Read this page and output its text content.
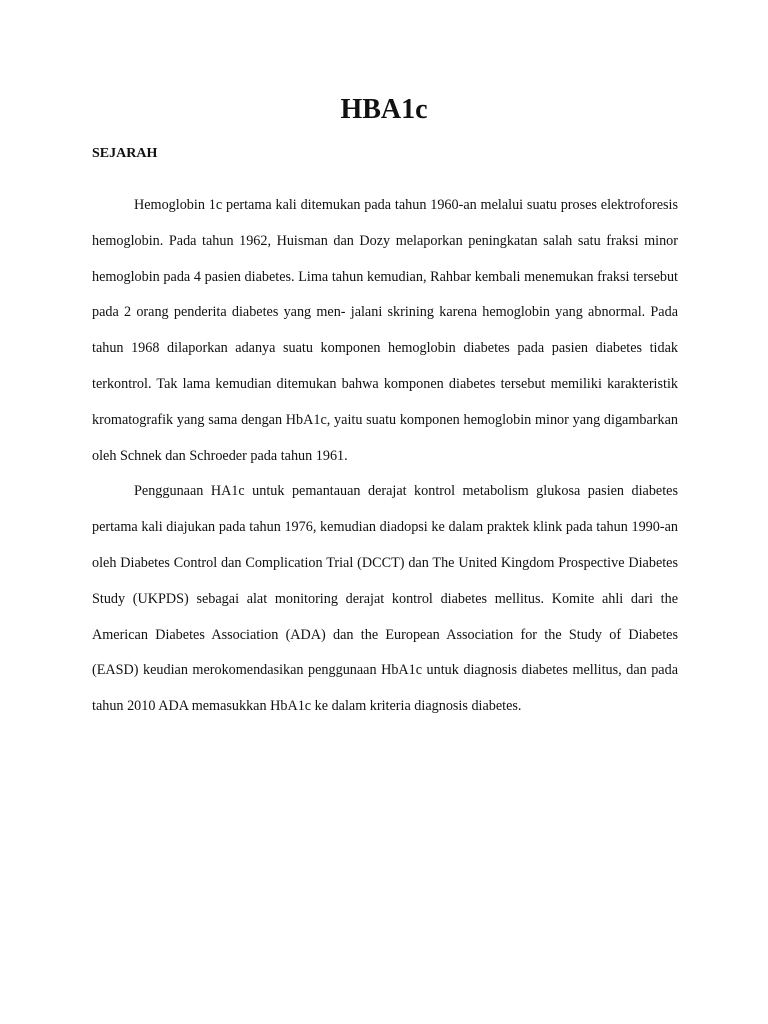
HBA1c
SEJARAH

Hemoglobin 1c pertama kali ditemukan pada tahun 1960-an melalui suatu proses elektroforesis hemoglobin. Pada tahun 1962, Huisman dan Dozy melaporkan peningkatan salah satu fraksi minor hemoglobin pada 4 pasien diabetes. Lima tahun kemudian, Rahbar kembali menemukan fraksi tersebut pada 2 orang penderita diabetes yang men- jalani skrining karena hemoglobin yang abnormal. Pada tahun 1968 dilaporkan adanya suatu komponen hemoglobin diabetes pada pasien diabetes tidak terkontrol. Tak lama kemudian ditemukan bahwa komponen diabetes tersebut memiliki karakteristik kromatografik yang sama dengan HbA1c, yaitu suatu komponen hemoglobin minor yang digambarkan oleh Schnek dan Schroeder pada tahun 1961.

Penggunaan HA1c untuk pemantauan derajat kontrol metabolism glukosa pasien diabetes pertama kali diajukan pada tahun 1976, kemudian diadopsi ke dalam praktek klink pada tahun 1990-an oleh Diabetes Control dan Complication Trial (DCCT) dan The United Kingdom Prospective Diabetes Study (UKPDS) sebagai alat monitoring derajat kontrol diabetes mellitus. Komite ahli dari the American Diabetes Association (ADA) dan the European Association for the Study of Diabetes (EASD) keudian merokomendasikan penggunaan HbA1c untuk diagnosis diabetes mellitus, dan pada tahun 2010 ADA memasukkan HbA1c ke dalam kriteria diagnosis diabetes.
